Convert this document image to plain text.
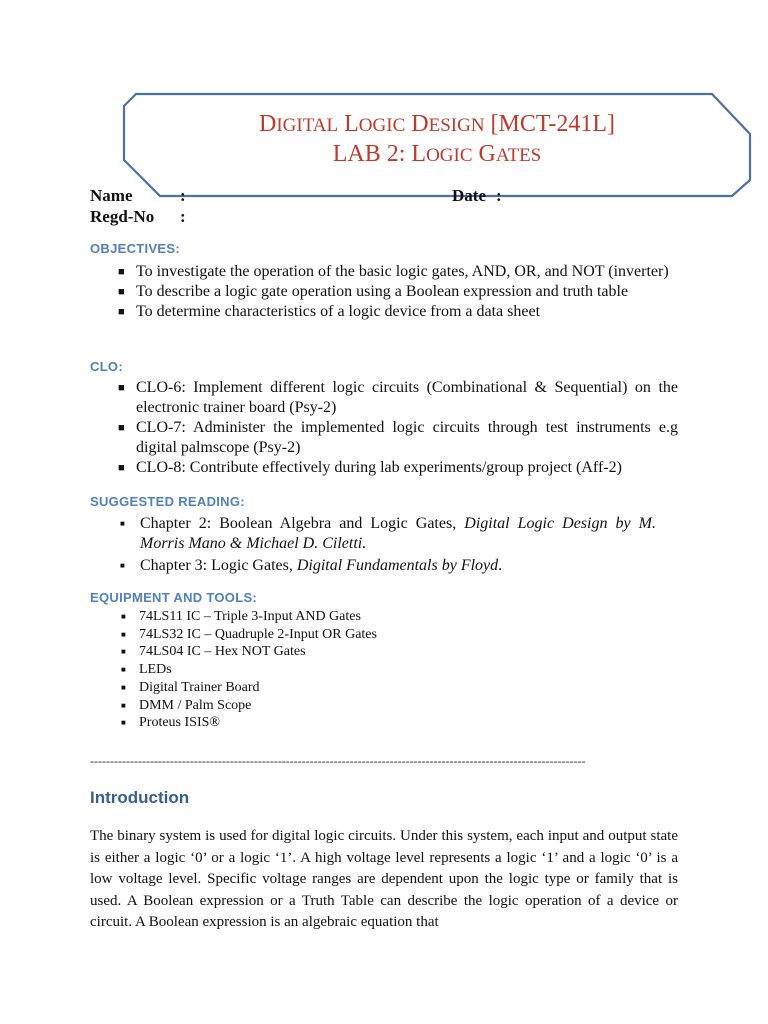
DIGITAL LOGIC DESIGN [MCT-241L]
LAB 2: LOGIC GATES
Name	:	Date :
Regd-No :
OBJECTIVES:
■ To investigate the operation of the basic logic gates, AND, OR, and NOT (inverter)
■ To describe a logic gate operation using a Boolean expression and truth table
■ To determine characteristics of a logic device from a data sheet
CLO:
■ CLO-6: Implement different logic circuits (Combinational & Sequential) on the electronic trainer board (Psy-2)
■ CLO-7: Administer the implemented logic circuits through test instruments e.g digital palmscope (Psy-2)
■ CLO-8: Contribute effectively during lab experiments/group project (Aff-2)
SUGGESTED READING:
■ Chapter 2: Boolean Algebra and Logic Gates, Digital Logic Design by M. Morris Mano & Michael D. Ciletti.
■ Chapter 3: Logic Gates, Digital Fundamentals by Floyd.
EQUIPMENT AND TOOLS:
■ 74LS11 IC – Triple 3-Input AND Gates
■ 74LS32 IC – Quadruple 2-Input OR Gates
■ 74LS04 IC – Hex NOT Gates
■ LEDs
■ Digital Trainer Board
■ DMM / Palm Scope
■ Proteus ISIS®
----------------------------------------------------------------------------------------------------------------------------
Introduction
The binary system is used for digital logic circuits. Under this system, each input and output state is either a logic ‘0’ or a logic ‘1’. A high voltage level represents a logic ‘1’ and a logic ‘0’ is a low voltage level. Specific voltage ranges are dependent upon the logic type or family that is used. A Boolean expression or a Truth Table can describe the logic operation of a device or circuit. A Boolean expression is an algebraic equation that
